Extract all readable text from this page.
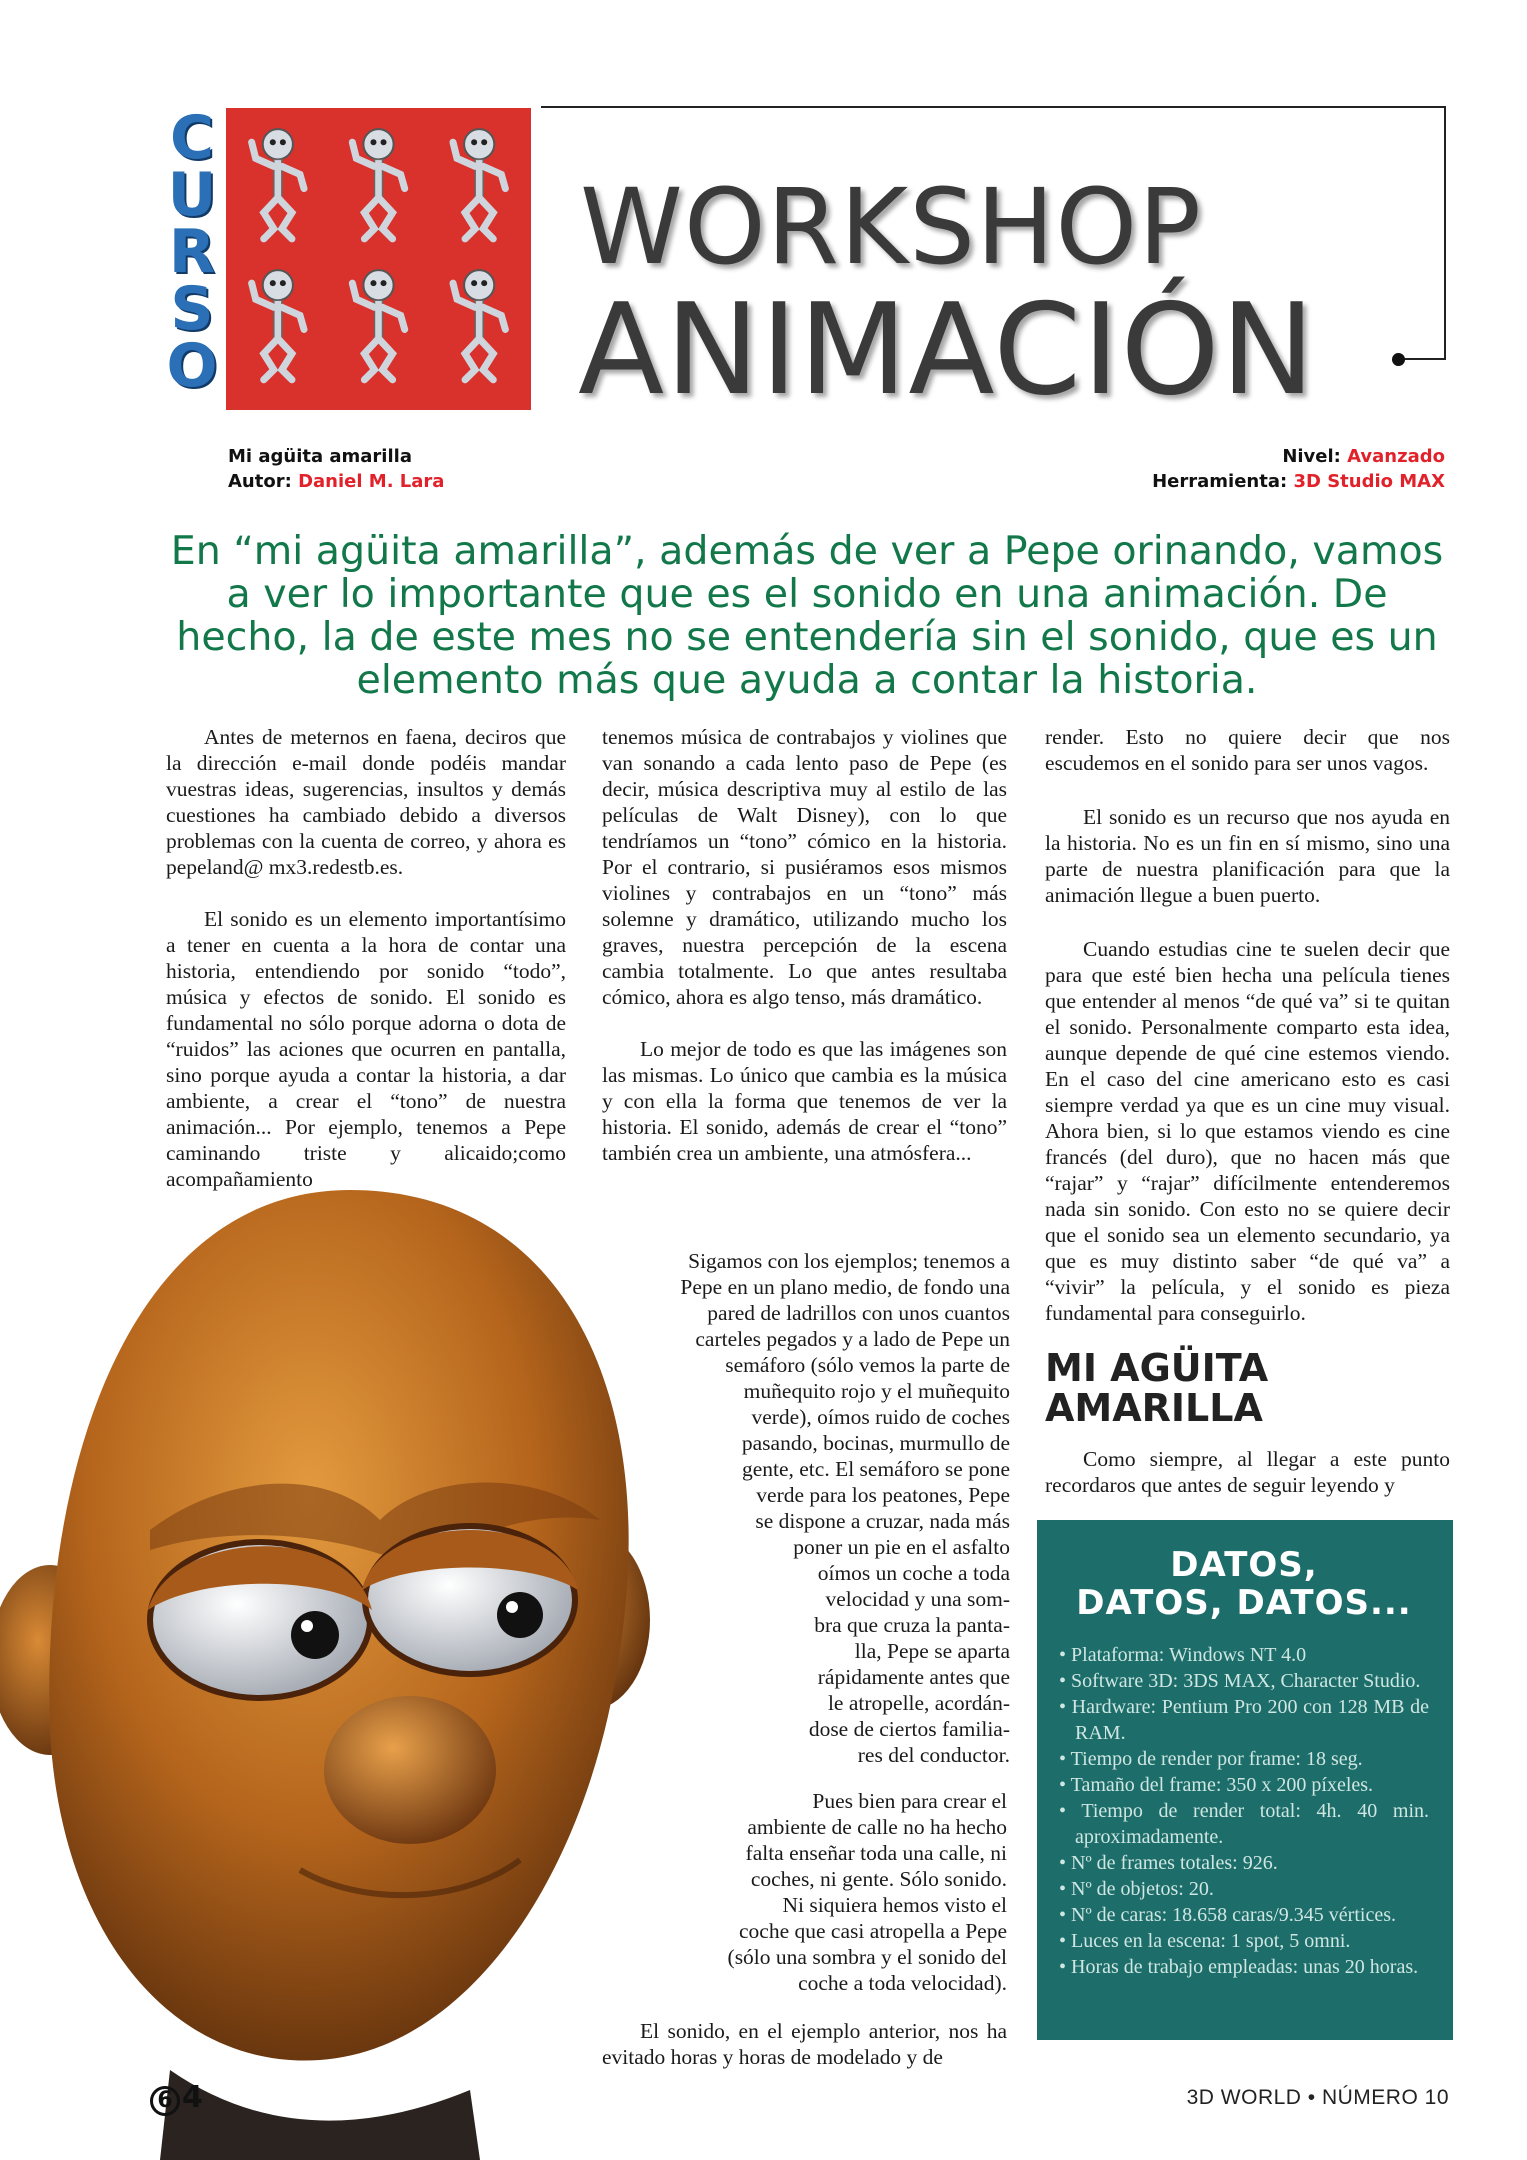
C
U
R
S
O
WORKSHOP
ANIMACIÓN
Mi agüita amarilla
Autor: Daniel M. Lara
Nivel: Avanzado
Herramienta: 3D Studio MAX
En “mi agüita amarilla”, además de ver a Pepe orinando, vamos a ver lo importante que es el sonido en una animación. De hecho, la de este mes no se entendería sin el sonido, que es un elemento más que ayuda a contar la historia.

Antes de meternos en faena, deciros que la dirección e-mail donde podéis mandar vuestras ideas, sugerencias, insultos y demás cuestiones ha cambiado debido a diversos problemas con la cuenta de correo, y ahora es pepeland@ mx3.redestb.es.

El sonido es un elemento importantísimo a tener en cuenta a la hora de contar una historia, entendiendo por sonido “todo”, música y efectos de sonido. El sonido es fundamental no sólo porque adorna o dota de “ruidos” las aciones que ocurren en pantalla, sino porque ayuda a contar la historia, a dar ambiente, a crear el “tono” de nuestra animación... Por ejemplo, tenemos a Pepe caminando triste y alicaido;como acompañamiento

tenemos música de contrabajos y violines que van sonando a cada lento paso de Pepe (es decir, música descriptiva muy al estilo de las películas de Walt Disney), con lo que tendríamos un “tono” cómico en la historia. Por el contrario, si pusiéramos esos mismos violines y contrabajos en un “tono” más solemne y dramático, utilizando mucho los graves, nuestra percepción de la escena cambia totalmente. Lo que antes resultaba cómico, ahora es algo tenso, más dramático.

Lo mejor de todo es que las imágenes son las mismas. Lo único que cambia es la música y con ella la forma que tenemos de ver la historia. El sonido, además de crear el “tono” también crea un ambiente, una atmósfera...

Sigamos con los ejemplos; tenemos a
Pepe en un plano medio, de fondo una
pared de ladrillos con unos cuantos
carteles pegados y a lado de Pepe un
semáforo (sólo vemos la parte de
muñequito rojo y el muñequito
verde), oímos ruido de coches
pasando, bocinas, murmullo de
gente, etc. El semáforo se pone
verde para los peatones, Pepe
se dispone a cruzar, nada más
poner un pie en el asfalto
oímos un coche a toda
velocidad y una som-
bra que cruza la panta-
lla, Pepe se aparta
rápidamente antes que
le atropelle, acordán-
dose de ciertos familia-
res del conductor.
Pues bien para crear el
ambiente de calle no ha hecho
falta enseñar toda una calle, ni
coches, ni gente. Sólo sonido.
Ni siquiera hemos visto el
coche que casi atropella a Pepe
(sólo una sombra y el sonido del
coche a toda velocidad).

El sonido, en el ejemplo anterior, nos ha evitado horas y horas de modelado y de

render. Esto no quiere decir que nos escudemos en el sonido para ser unos vagos.

El sonido es un recurso que nos ayuda en la historia. No es un fin en sí mismo, sino una parte de nuestra planificación para que la animación llegue a buen puerto.

Cuando estudias cine te suelen decir que para que esté bien hecha una película tienes que entender al menos “de qué va” si te quitan el sonido. Personalmente comparto esta idea, aunque depende de qué cine estemos viendo. En el caso del cine americano esto es casi siempre verdad ya que es un cine muy visual. Ahora bien, si lo que estamos viendo es cine francés (del duro), que no hacen más que “rajar” y “rajar” difícilmente entenderemos nada sin sonido. Con esto no se quiere decir que el sonido sea un elemento secundario, ya que es muy distinto saber “de qué va” a “vivir” la película, y el sonido es pieza fundamental para conseguirlo.

MI AGÜITA
AMARILLA

Como siempre, al llegar a este punto recordaros que antes de seguir leyendo y

DATOS,
DATOS, DATOS...
• Plataforma: Windows NT 4.0
• Software 3D: 3DS MAX, Character Studio.
• Hardware: Pentium Pro 200 con 128 MB de RAM.
• Tiempo de render por frame: 18 seg.
• Tamaño del frame: 350 x 200 píxeles.
• Tiempo de render total: 4h. 40 min. aproximadamente.
• Nº de frames totales: 926.
• Nº de objetos: 20.
• Nº de caras: 18.658 caras/9.345 vértices.
• Luces en la escena: 1 spot, 5 omni.
• Horas de trabajo empleadas: unas 20 horas.
6 4	3D WORLD • NÚMERO 10
